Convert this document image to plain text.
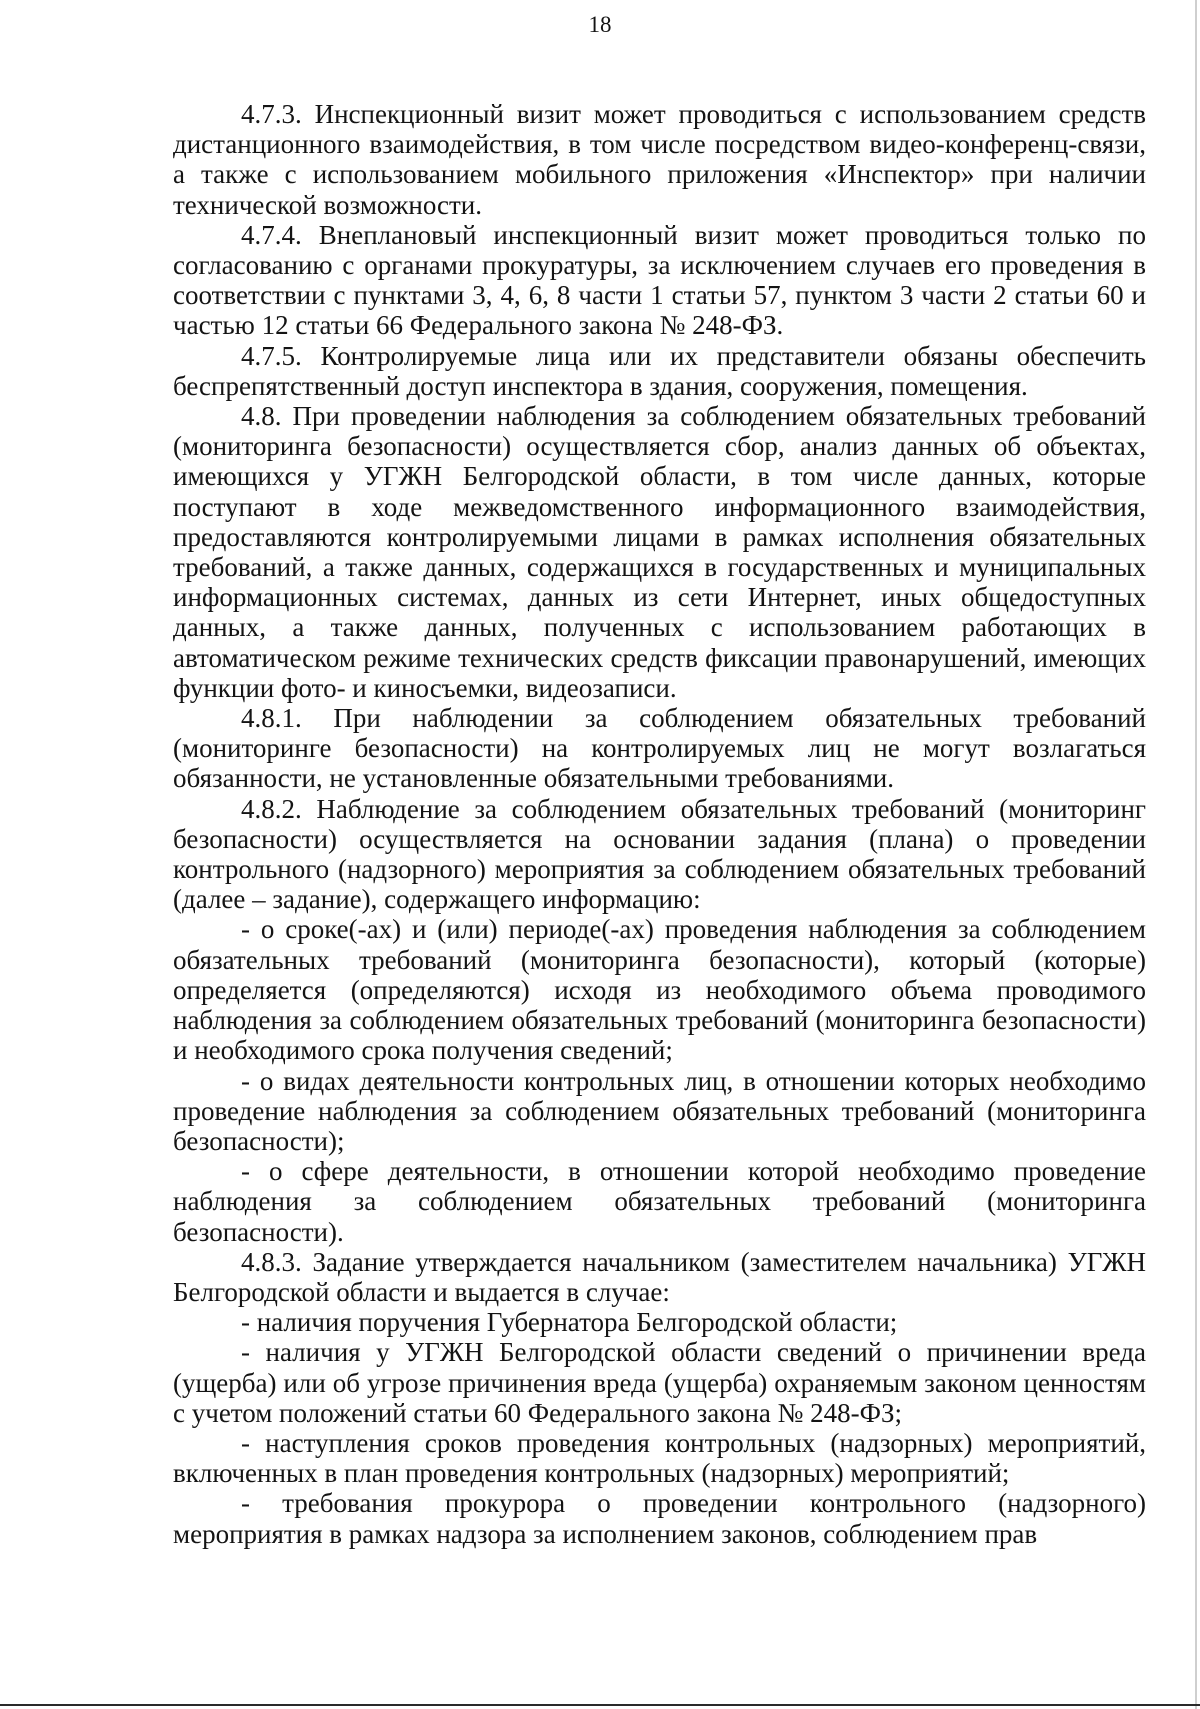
18

4.7.3. Инспекционный визит может проводиться с использованием средств дистанционного взаимодействия, в том числе посредством видео-конференц-связи, а также с использованием мобильного приложения «Инспектор» при наличии технической возможности.

4.7.4. Внеплановый инспекционный визит может проводиться только по согласованию с органами прокуратуры, за исключением случаев его проведения в соответствии с пунктами 3, 4, 6, 8 части 1 статьи 57, пунктом 3 части 2 статьи 60 и частью 12 статьи 66 Федерального закона № 248-ФЗ.

4.7.5. Контролируемые лица или их представители обязаны обеспечить беспрепятственный доступ инспектора в здания, сооружения, помещения.

4.8. При проведении наблюдения за соблюдением обязательных требований (мониторинга безопасности) осуществляется сбор, анализ данных об объектах, имеющихся у УГЖН Белгородской области, в том числе данных, которые поступают в ходе межведомственного информационного взаимодействия, предоставляются контролируемыми лицами в рамках исполнения обязательных требований, а также данных, содержащихся в государственных и муниципальных информационных системах, данных из сети Интернет, иных общедоступных данных, а также данных, полученных с использованием работающих в автоматическом режиме технических средств фиксации правонарушений, имеющих функции фото- и киносъемки, видеозаписи.

4.8.1. При наблюдении за соблюдением обязательных требований (мониторинге безопасности) на контролируемых лиц не могут возлагаться обязанности, не установленные обязательными требованиями.

4.8.2. Наблюдение за соблюдением обязательных требований (мониторинг безопасности) осуществляется на основании задания (плана) о проведении контрольного (надзорного) мероприятия за соблюдением обязательных требований (далее – задание), содержащего информацию:

- о сроке(-ах) и (или) периоде(-ах) проведения наблюдения за соблюдением обязательных требований (мониторинга безопасности), который (которые) определяется (определяются) исходя из необходимого объема проводимого наблюдения за соблюдением обязательных требований (мониторинга безопасности) и необходимого срока получения сведений;

- о видах деятельности контрольных лиц, в отношении которых необходимо проведение наблюдения за соблюдением обязательных требований (мониторинга безопасности);

- о сфере деятельности, в отношении которой необходимо проведение наблюдения за соблюдением обязательных требований (мониторинга безопасности).

4.8.3. Задание утверждается начальником (заместителем начальника) УГЖН Белгородской области и выдается в случае:

- наличия поручения Губернатора Белгородской области;

- наличия у УГЖН Белгородской области сведений о причинении вреда (ущерба) или об угрозе причинения вреда (ущерба) охраняемым законом ценностям с учетом положений статьи 60 Федерального закона № 248-ФЗ;

- наступления сроков проведения контрольных (надзорных) мероприятий, включенных в план проведения контрольных (надзорных) мероприятий;

- требования прокурора о проведении контрольного (надзорного) мероприятия в рамках надзора за исполнением законов, соблюдением прав
